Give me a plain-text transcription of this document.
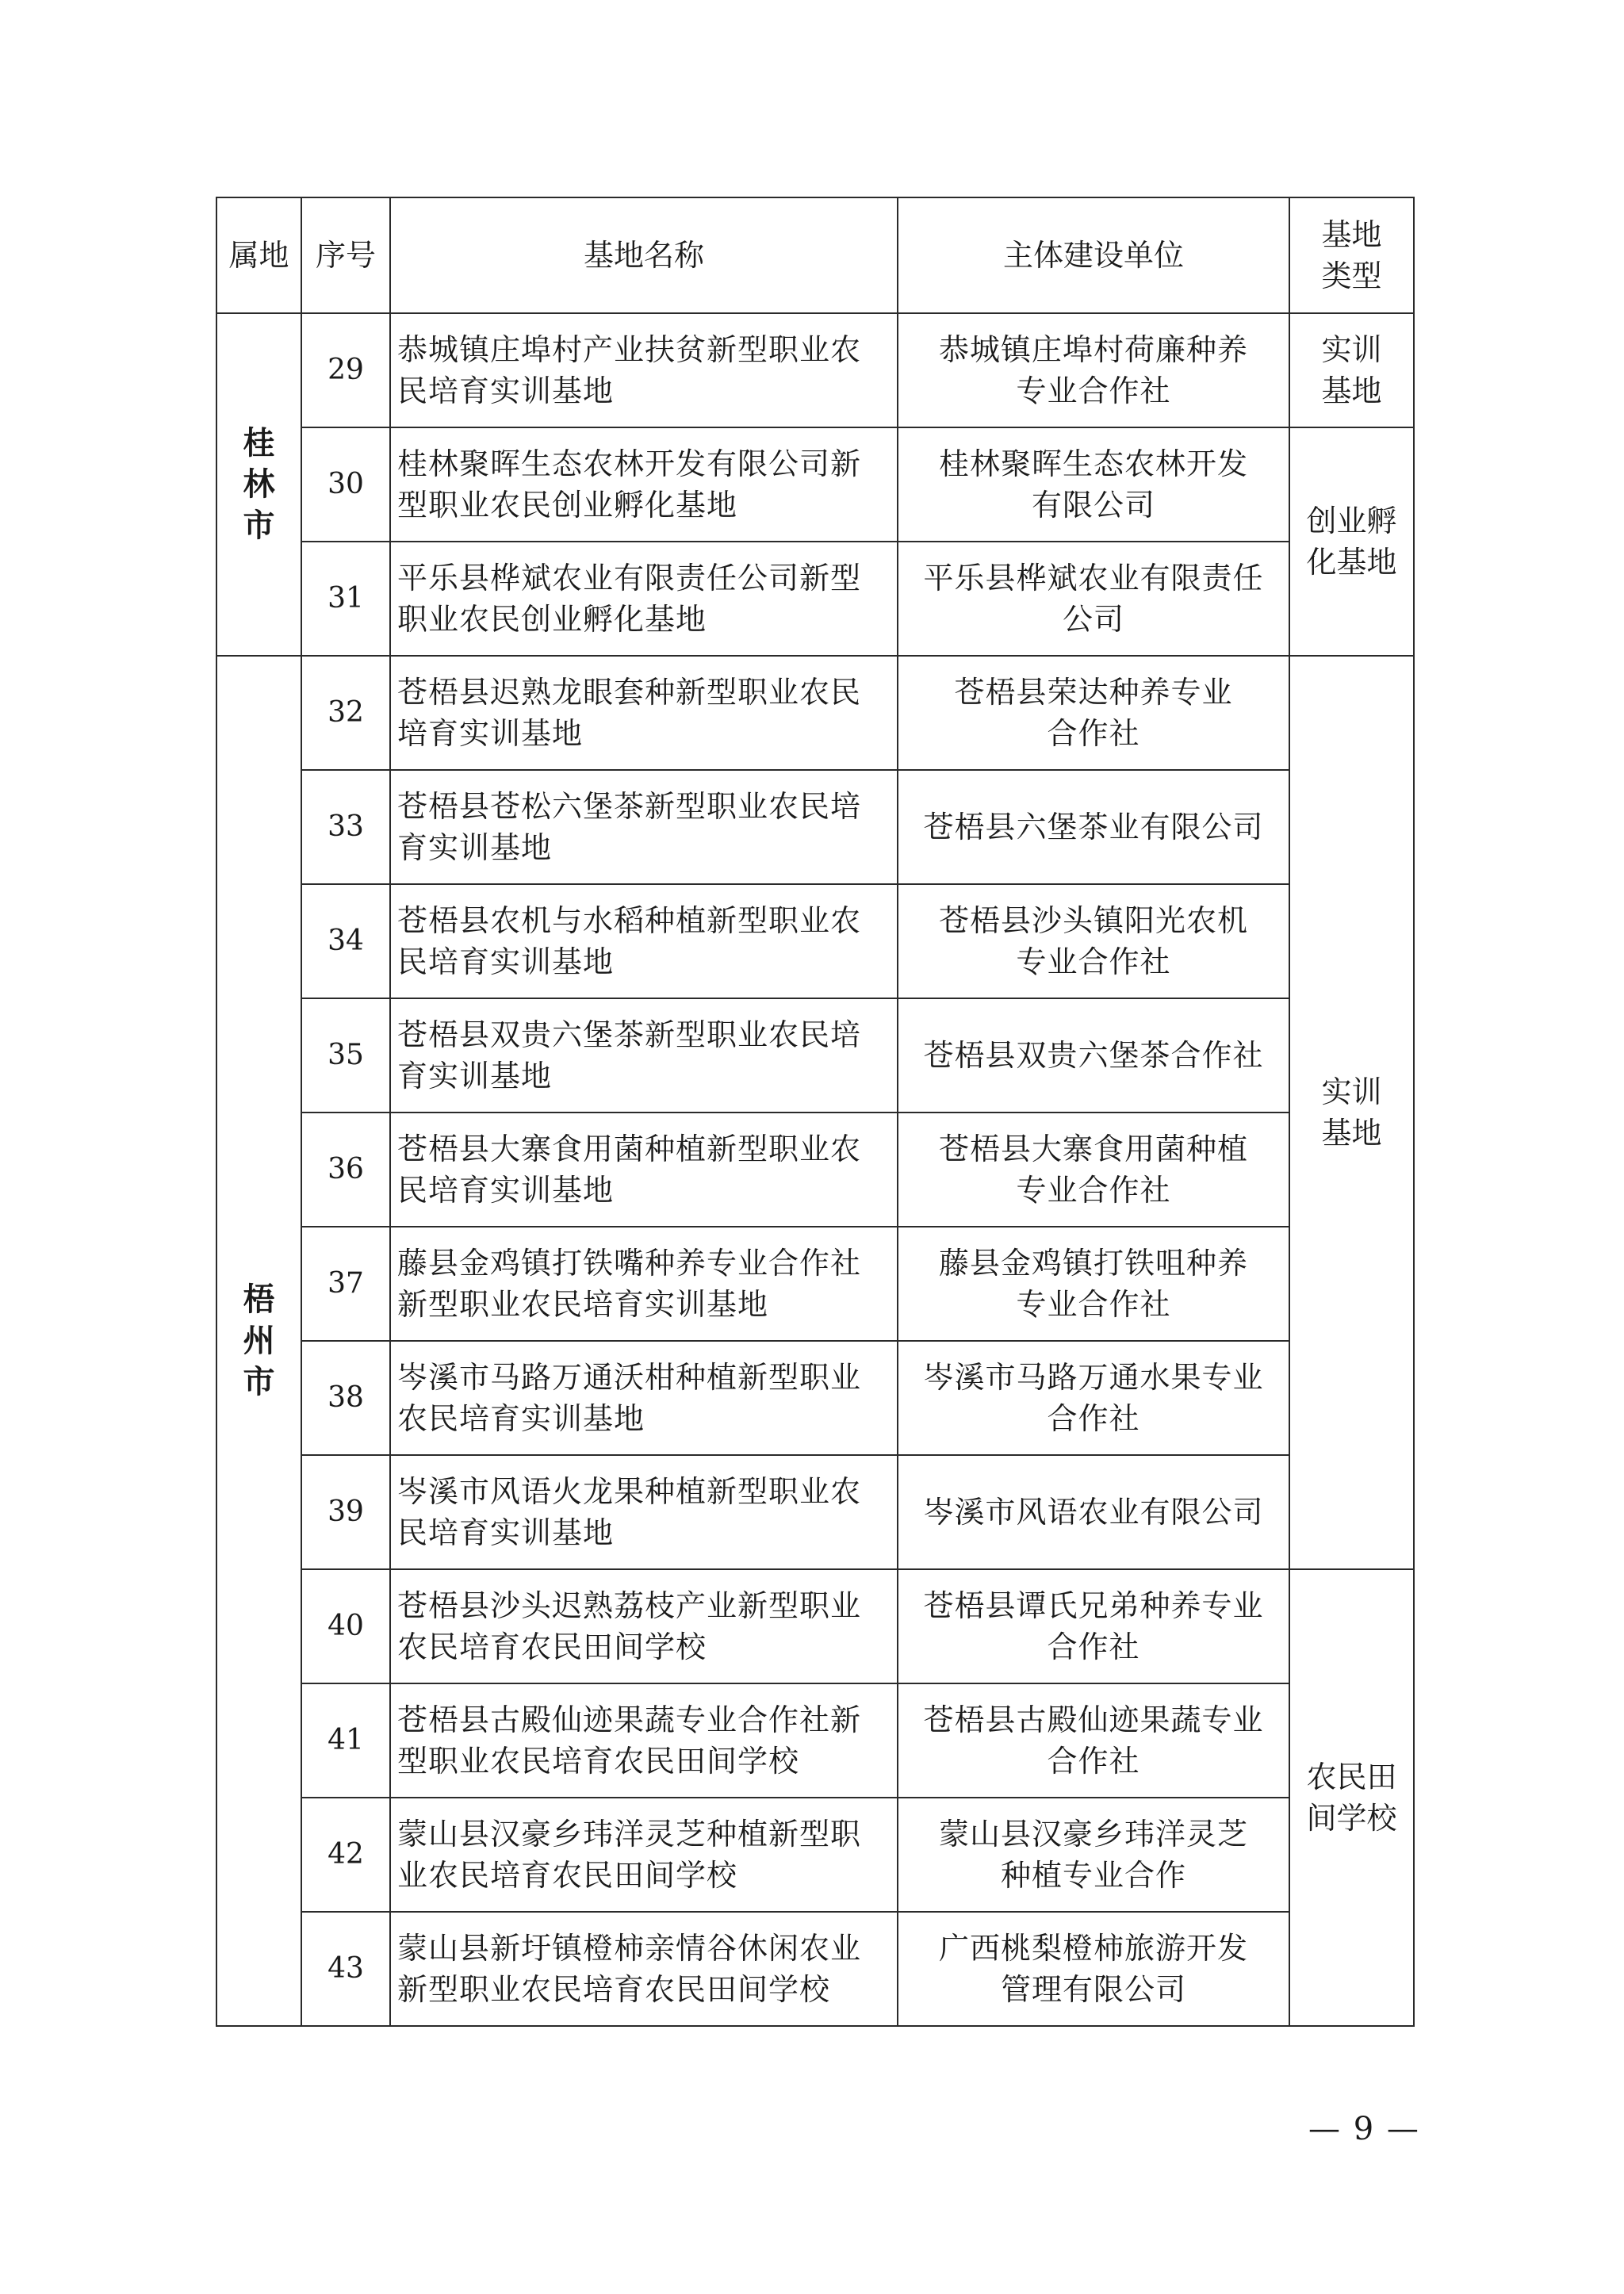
属地	序号	基地名称	主体建设单位	基地
类型

桂
林
市	29	恭城镇庄埠村产业扶贫新型职业农
民培育实训基地	恭城镇庄埠村荷廉种养
专业合作社	实训
基地

	30	桂林聚晖生态农林开发有限公司新
型职业农民创业孵化基地	桂林聚晖生态农林开发
有限公司	创业孵
化基地

	31	平乐县桦斌农业有限责任公司新型
职业农民创业孵化基地	平乐县桦斌农业有限责任
公司	

梧
州
市	32	苍梧县迟熟龙眼套种新型职业农民
培育实训基地	苍梧县荣达种养专业
合作社	实训
基地

	33	苍梧县苍松六堡茶新型职业农民培
育实训基地	苍梧县六堡茶业有限公司	
	34	苍梧县农机与水稻种植新型职业农
民培育实训基地	苍梧县沙头镇阳光农机
专业合作社	
	35	苍梧县双贵六堡茶新型职业农民培
育实训基地	苍梧县双贵六堡茶合作社	
	36	苍梧县大寨食用菌种植新型职业农
民培育实训基地	苍梧县大寨食用菌种植
专业合作社	
	37	藤县金鸡镇打铁嘴种养专业合作社
新型职业农民培育实训基地	藤县金鸡镇打铁咀种养
专业合作社	
	38	岑溪市马路万通沃柑种植新型职业
农民培育实训基地	岑溪市马路万通水果专业
合作社	
	39	岑溪市风语火龙果种植新型职业农
民培育实训基地	岑溪市风语农业有限公司	
	40	苍梧县沙头迟熟荔枝产业新型职业
农民培育农民田间学校	苍梧县谭氏兄弟种养专业
合作社	农民田
间学校

	41	苍梧县古殿仙迹果蔬专业合作社新
型职业农民培育农民田间学校	苍梧县古殿仙迹果蔬专业
合作社	
	42	蒙山县汉豪乡玮洋灵芝种植新型职
业农民培育农民田间学校	蒙山县汉豪乡玮洋灵芝
种植专业合作	
	43	蒙山县新圩镇橙柿亲情谷休闲农业
新型职业农民培育农民田间学校	广西桃梨橙柿旅游开发
管理有限公司	
— 9 —
